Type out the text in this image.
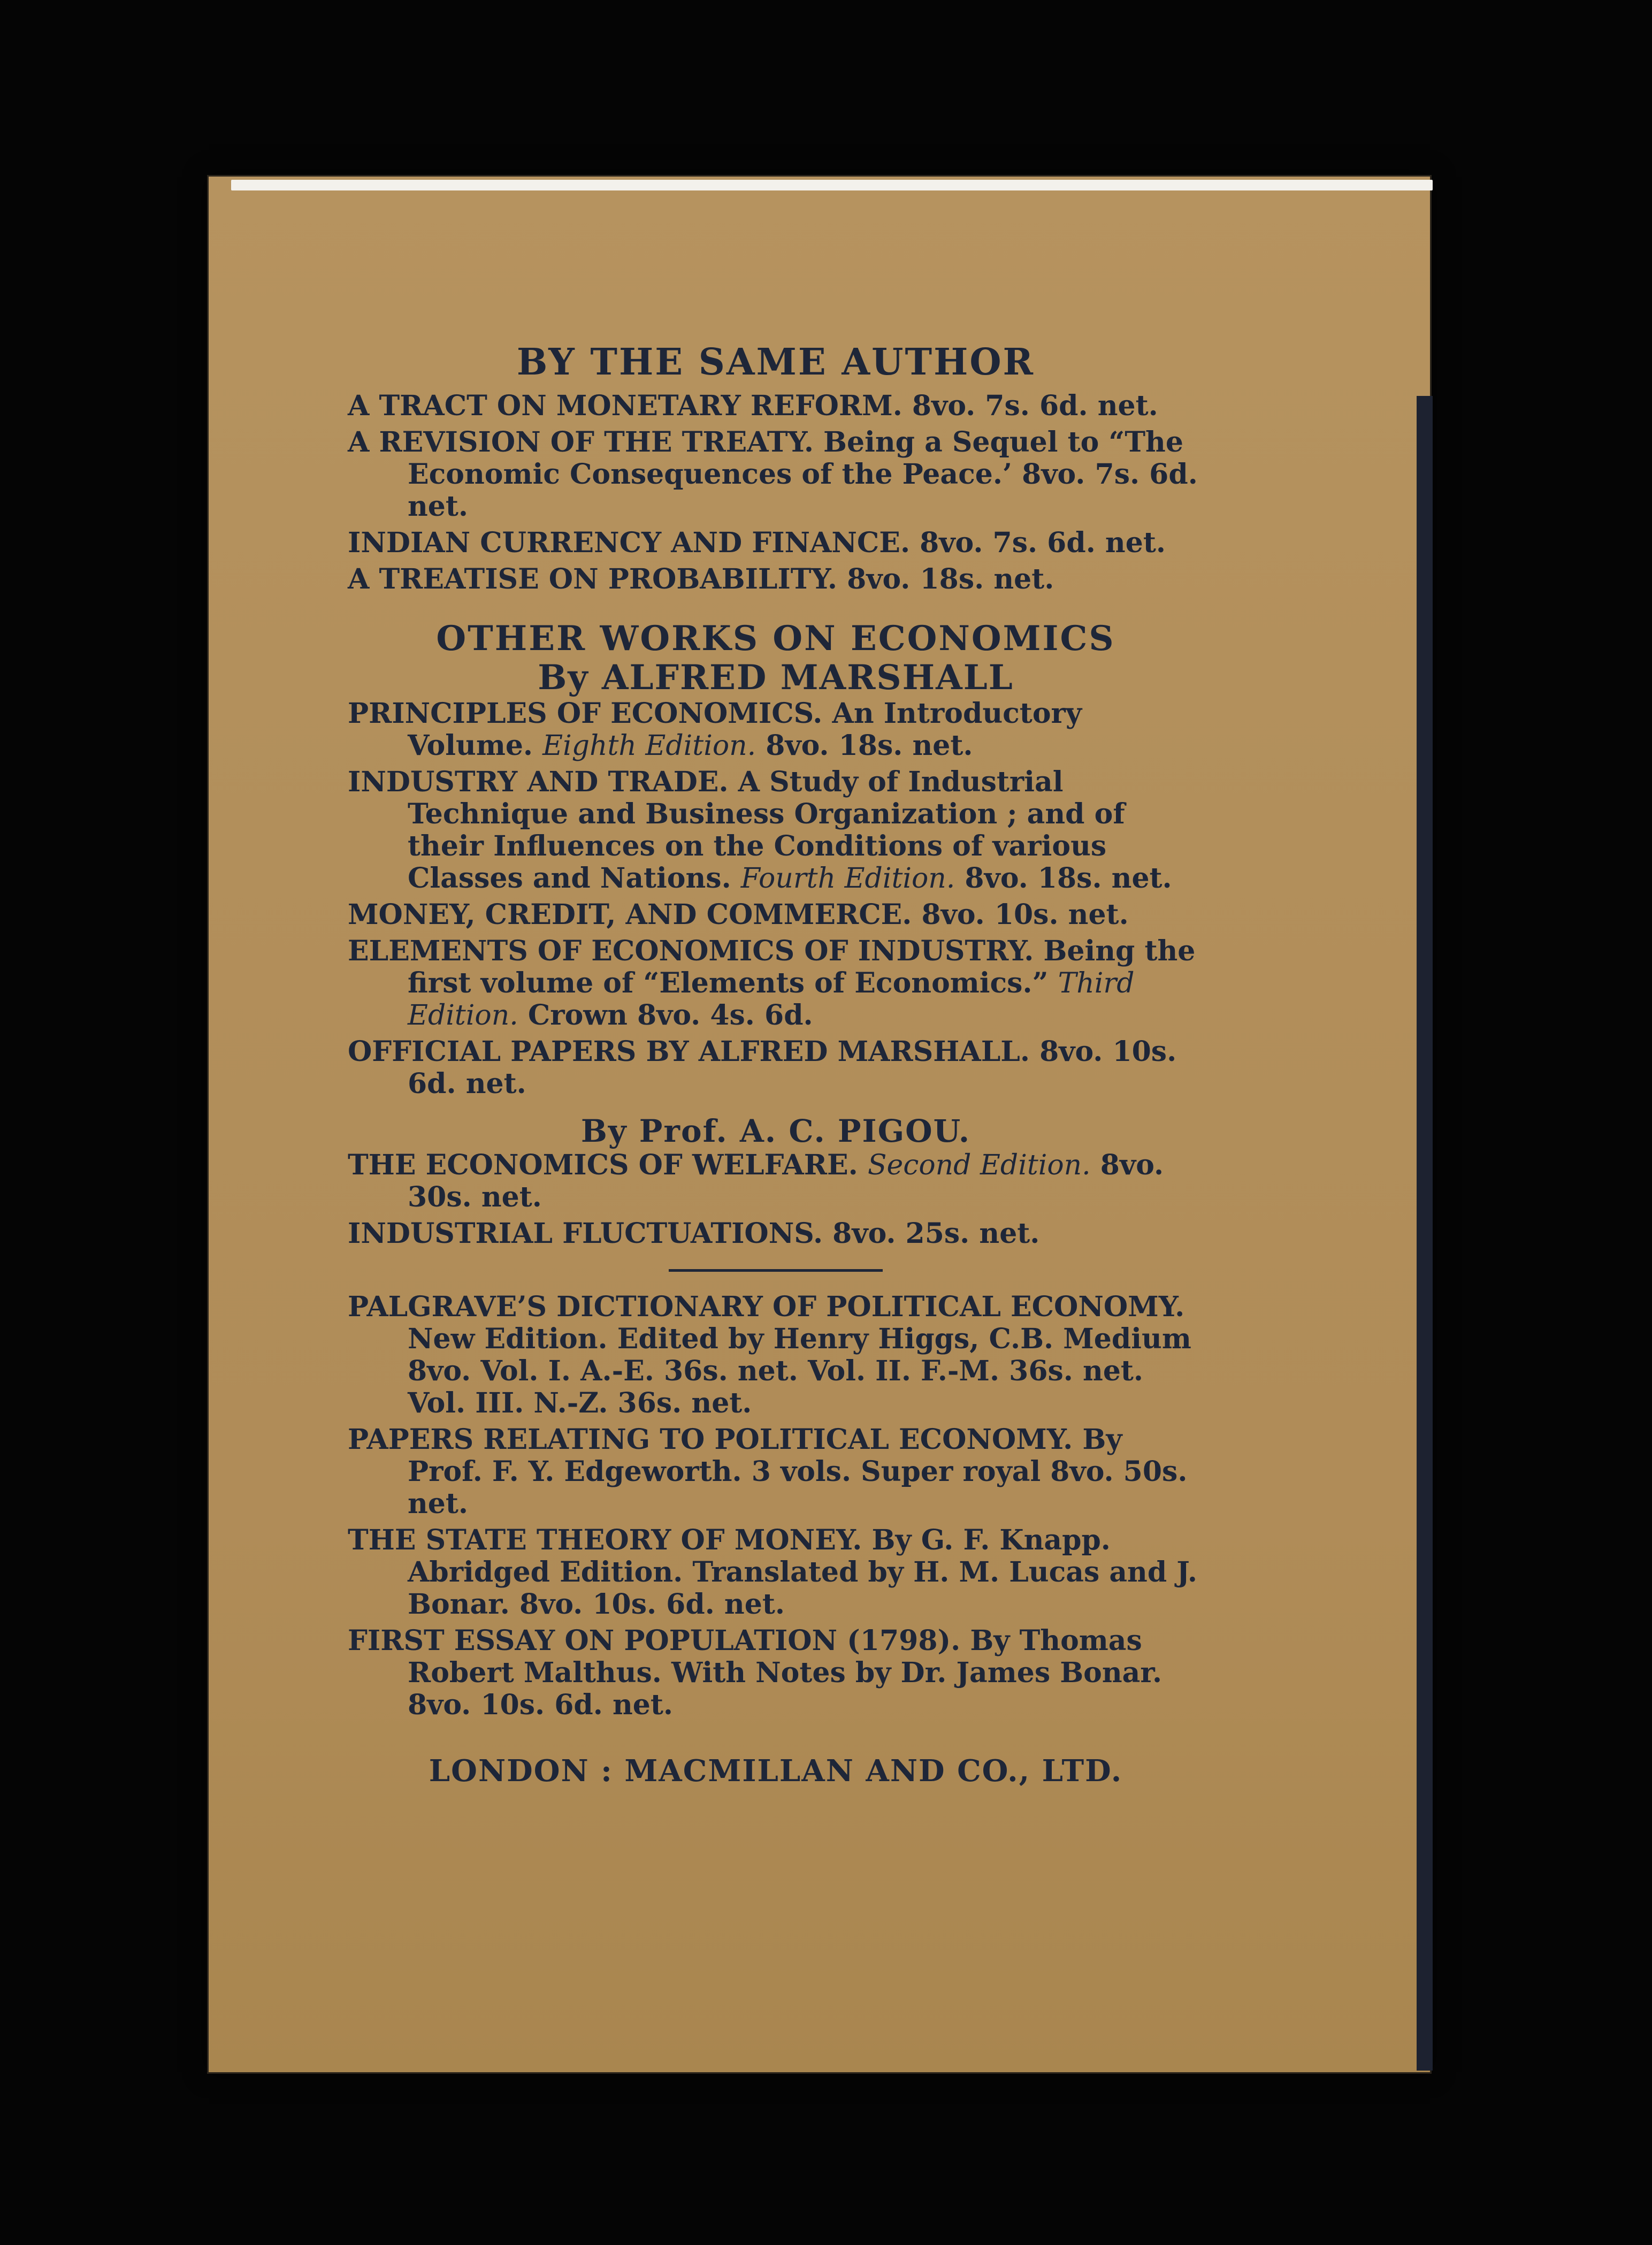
BY THE SAME AUTHOR

A TRACT ON MONETARY REFORM. 8vo. 7s. 6d. net.

A REVISION OF THE TREATY. Being a Sequel to “The Economic Consequences of the Peace.’ 8vo. 7s. 6d. net.

INDIAN CURRENCY AND FINANCE. 8vo. 7s. 6d. net.

A TREATISE ON PROBABILITY. 8vo. 18s. net.

OTHER WORKS ON ECONOMICS

By ALFRED MARSHALL

PRINCIPLES OF ECONOMICS. An Introductory Volume. Eighth Edition. 8vo. 18s. net.

INDUSTRY AND TRADE. A Study of Industrial Technique and Business Organization ; and of their Influences on the Conditions of various Classes and Nations. Fourth Edition. 8vo. 18s. net.

MONEY, CREDIT, AND COMMERCE. 8vo. 10s. net.

ELEMENTS OF ECONOMICS OF INDUSTRY. Being the first volume of “Elements of Economics.” Third Edition. Crown 8vo. 4s. 6d.

OFFICIAL PAPERS BY ALFRED MARSHALL. 8vo. 10s. 6d. net.

By Prof. A. C. PIGOU.

THE ECONOMICS OF WELFARE. Second Edition. 8vo. 30s. net.

INDUSTRIAL FLUCTUATIONS. 8vo. 25s. net.

PALGRAVE’S DICTIONARY OF POLITICAL ECONOMY. New Edition. Edited by Henry Higgs, C.B. Medium 8vo. Vol. I. A.-E. 36s. net. Vol. II. F.-M. 36s. net. Vol. III. N.-Z. 36s. net.

PAPERS RELATING TO POLITICAL ECONOMY. By Prof. F. Y. Edgeworth. 3 vols. Super royal 8vo. 50s. net.

THE STATE THEORY OF MONEY. By G. F. Knapp. Abridged Edition. Translated by H. M. Lucas and J. Bonar. 8vo. 10s. 6d. net.

FIRST ESSAY ON POPULATION (1798). By Thomas Robert Malthus. With Notes by Dr. James Bonar. 8vo. 10s. 6d. net.

LONDON : MACMILLAN AND CO., LTD.
